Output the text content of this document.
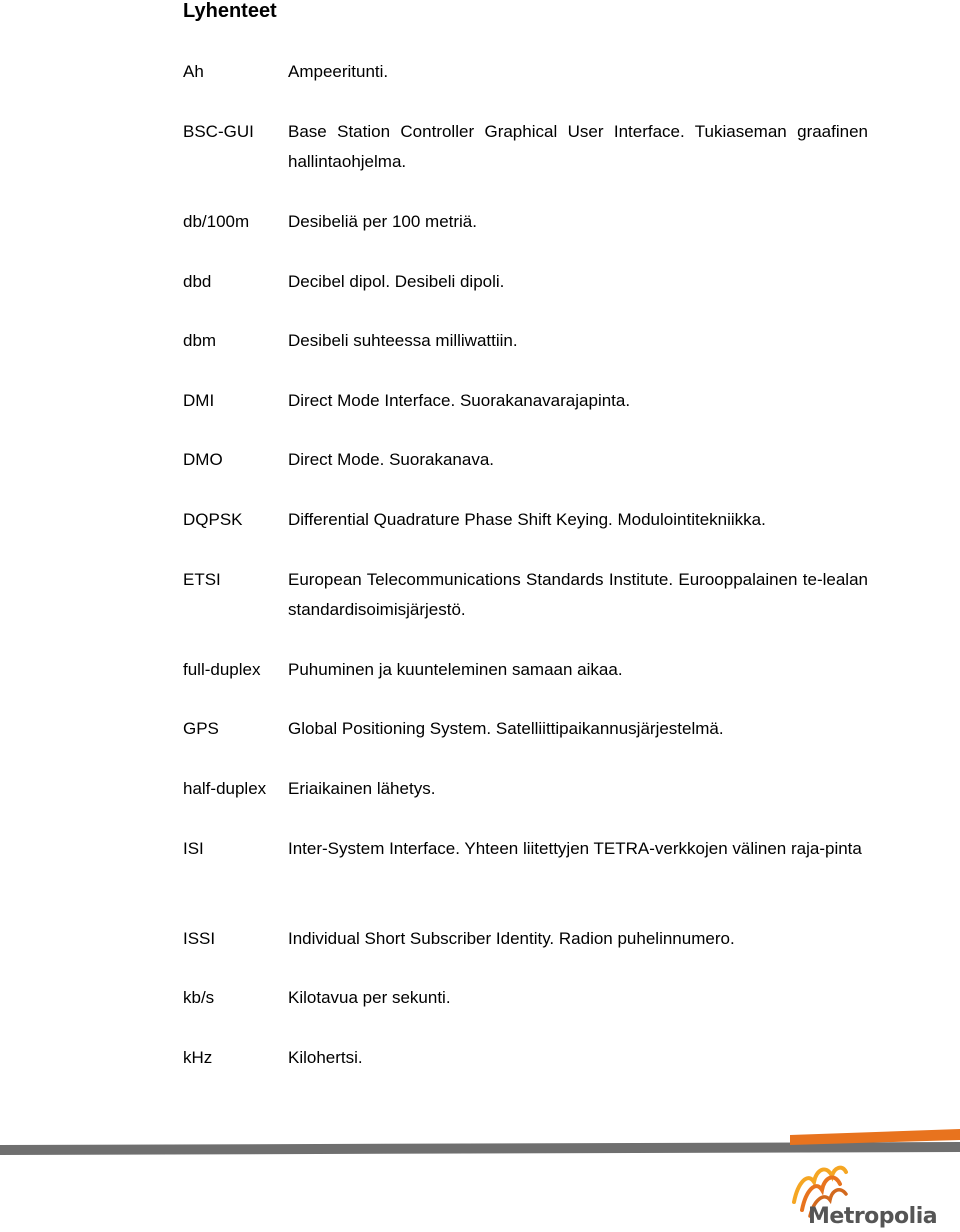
Lyhenteet
Ah	Ampeeritunti.
BSC-GUI	Base Station Controller Graphical User Interface. Tukiaseman graafinen hallintaohjelma.
db/100m	Desibeliä per 100 metriä.
dbd	Decibel dipol. Desibeli dipoli.
dbm	Desibeli suhteessa milliwattiin.
DMI	Direct Mode Interface. Suorakanavarajapinta.
DMO	Direct Mode. Suorakanava.
DQPSK	Differential Quadrature Phase Shift Keying. Modulointitekniikka.
ETSI	European Telecommunications Standards Institute. Eurooppalainen te-lealan standardisoimisjärjestö.
full-duplex	Puhuminen ja kuunteleminen samaan aikaa.
GPS	Global Positioning System. Satelliittipaikannusjärjestelmä.
half-duplex	Eriaikainen lähetys.
ISI	Inter-System Interface. Yhteen liitettyjen TETRA-verkkojen välinen raja-pinta
ISSI	Individual Short Subscriber Identity. Radion puhelinnumero.
kb/s	Kilotavua per sekunti.
kHz	Kilohertsi.
Metropolia
